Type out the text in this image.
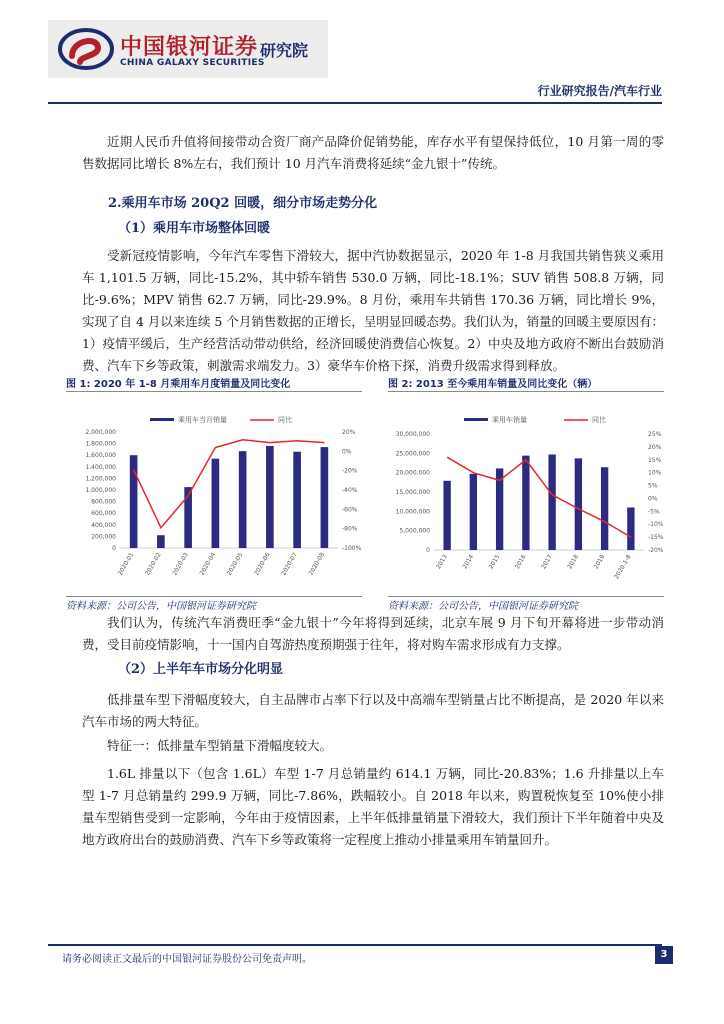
中国银河证券
CHINA GALAXY SECURITIES
研究院
行业研究报告/汽车行业
近期人民币升值将间接带动合资厂商产品降价促销势能，库存水平有望保持低位，10 月第一周的零售数据同比增长 8%左右，我们预计 10 月汽车消费将延续“金九银十”传统。
2.乘用车市场 20Q2 回暖，细分市场走势分化
（1）乘用车市场整体回暖
受新冠疫情影响，今年汽车零售下滑较大，据中汽协数据显示，2020 年 1-8 月我国共销售狭义乘用车 1,101.5 万辆，同比-15.2%，其中轿车销售 530.0 万辆，同比-18.1%；SUV 销售 508.8 万辆，同比-9.6%；MPV 销售 62.7 万辆，同比-29.9%。8 月份，乘用车共销售 170.36 万辆，同比增长 9%，实现了自 4 月以来连续 5 个月销售数据的正增长，呈明显回暖态势。我们认为，销量的回暖主要原因有：1）疫情平缓后，生产经营活动带动供给，经济回暖使消费信心恢复。2）中央及地方政府不断出台鼓励消费、汽车下乡等政策，刺激需求端发力。3）豪华车价格下探，消费升级需求得到释放。
图 1: 2020 年 1-8 月乘用车月度销量及同比变化	图 2: 2013 至今乘用车销量及同比变化（辆）
乘用车当月销量	同比
0
200,000
400,000
600,000
800,000
1,000,000
1,200,000
1,400,000
1,600,000
1,800,000
2,000,000
-100%
-80%
-60%
-40%
-20%
0%
20%
2020-01 2020-02 2020-03 2020-04 2020-05 2020-06 2020-07 2020-08
乘用车销量	同比
0
5,000,000
10,000,000
15,000,000
20,000,000
25,000,000
30,000,000
-20%
-15%
-10%
-5%
0%
5%
10%
15%
20%
25%
2013 2014 2015 2016 2017 2018 2019 2020.1-8
资料来源：公司公告，中国银河证券研究院	资料来源：公司公告，中国银河证券研究院
我们认为，传统汽车消费旺季“金九银十”今年将得到延续，北京车展 9 月下旬开幕将进一步带动消费，受目前疫情影响，十一国内自驾游热度预期强于往年，将对购车需求形成有力支撑。
（2）上半年车市场分化明显
低排量车型下滑幅度较大，自主品牌市占率下行以及中高端车型销量占比不断提高，是 2020 年以来汽车市场的两大特征。
特征一：低排量车型销量下滑幅度较大。
1.6L 排量以下（包含 1.6L）车型 1-7 月总销量约 614.1 万辆，同比-20.83%；1.6 升排量以上车型 1-7 月总销量约 299.9 万辆，同比-7.86%，跌幅较小。自 2018 年以来，购置税恢复至 10%使小排量车型销售受到一定影响，今年由于疫情因素，上半年低排量销量下滑较大，我们预计下半年随着中央及地方政府出台的鼓励消费、汽车下乡等政策将一定程度上推动小排量乘用车销量回升。
请务必阅读正文最后的中国银河证券股份公司免责声明。	3
